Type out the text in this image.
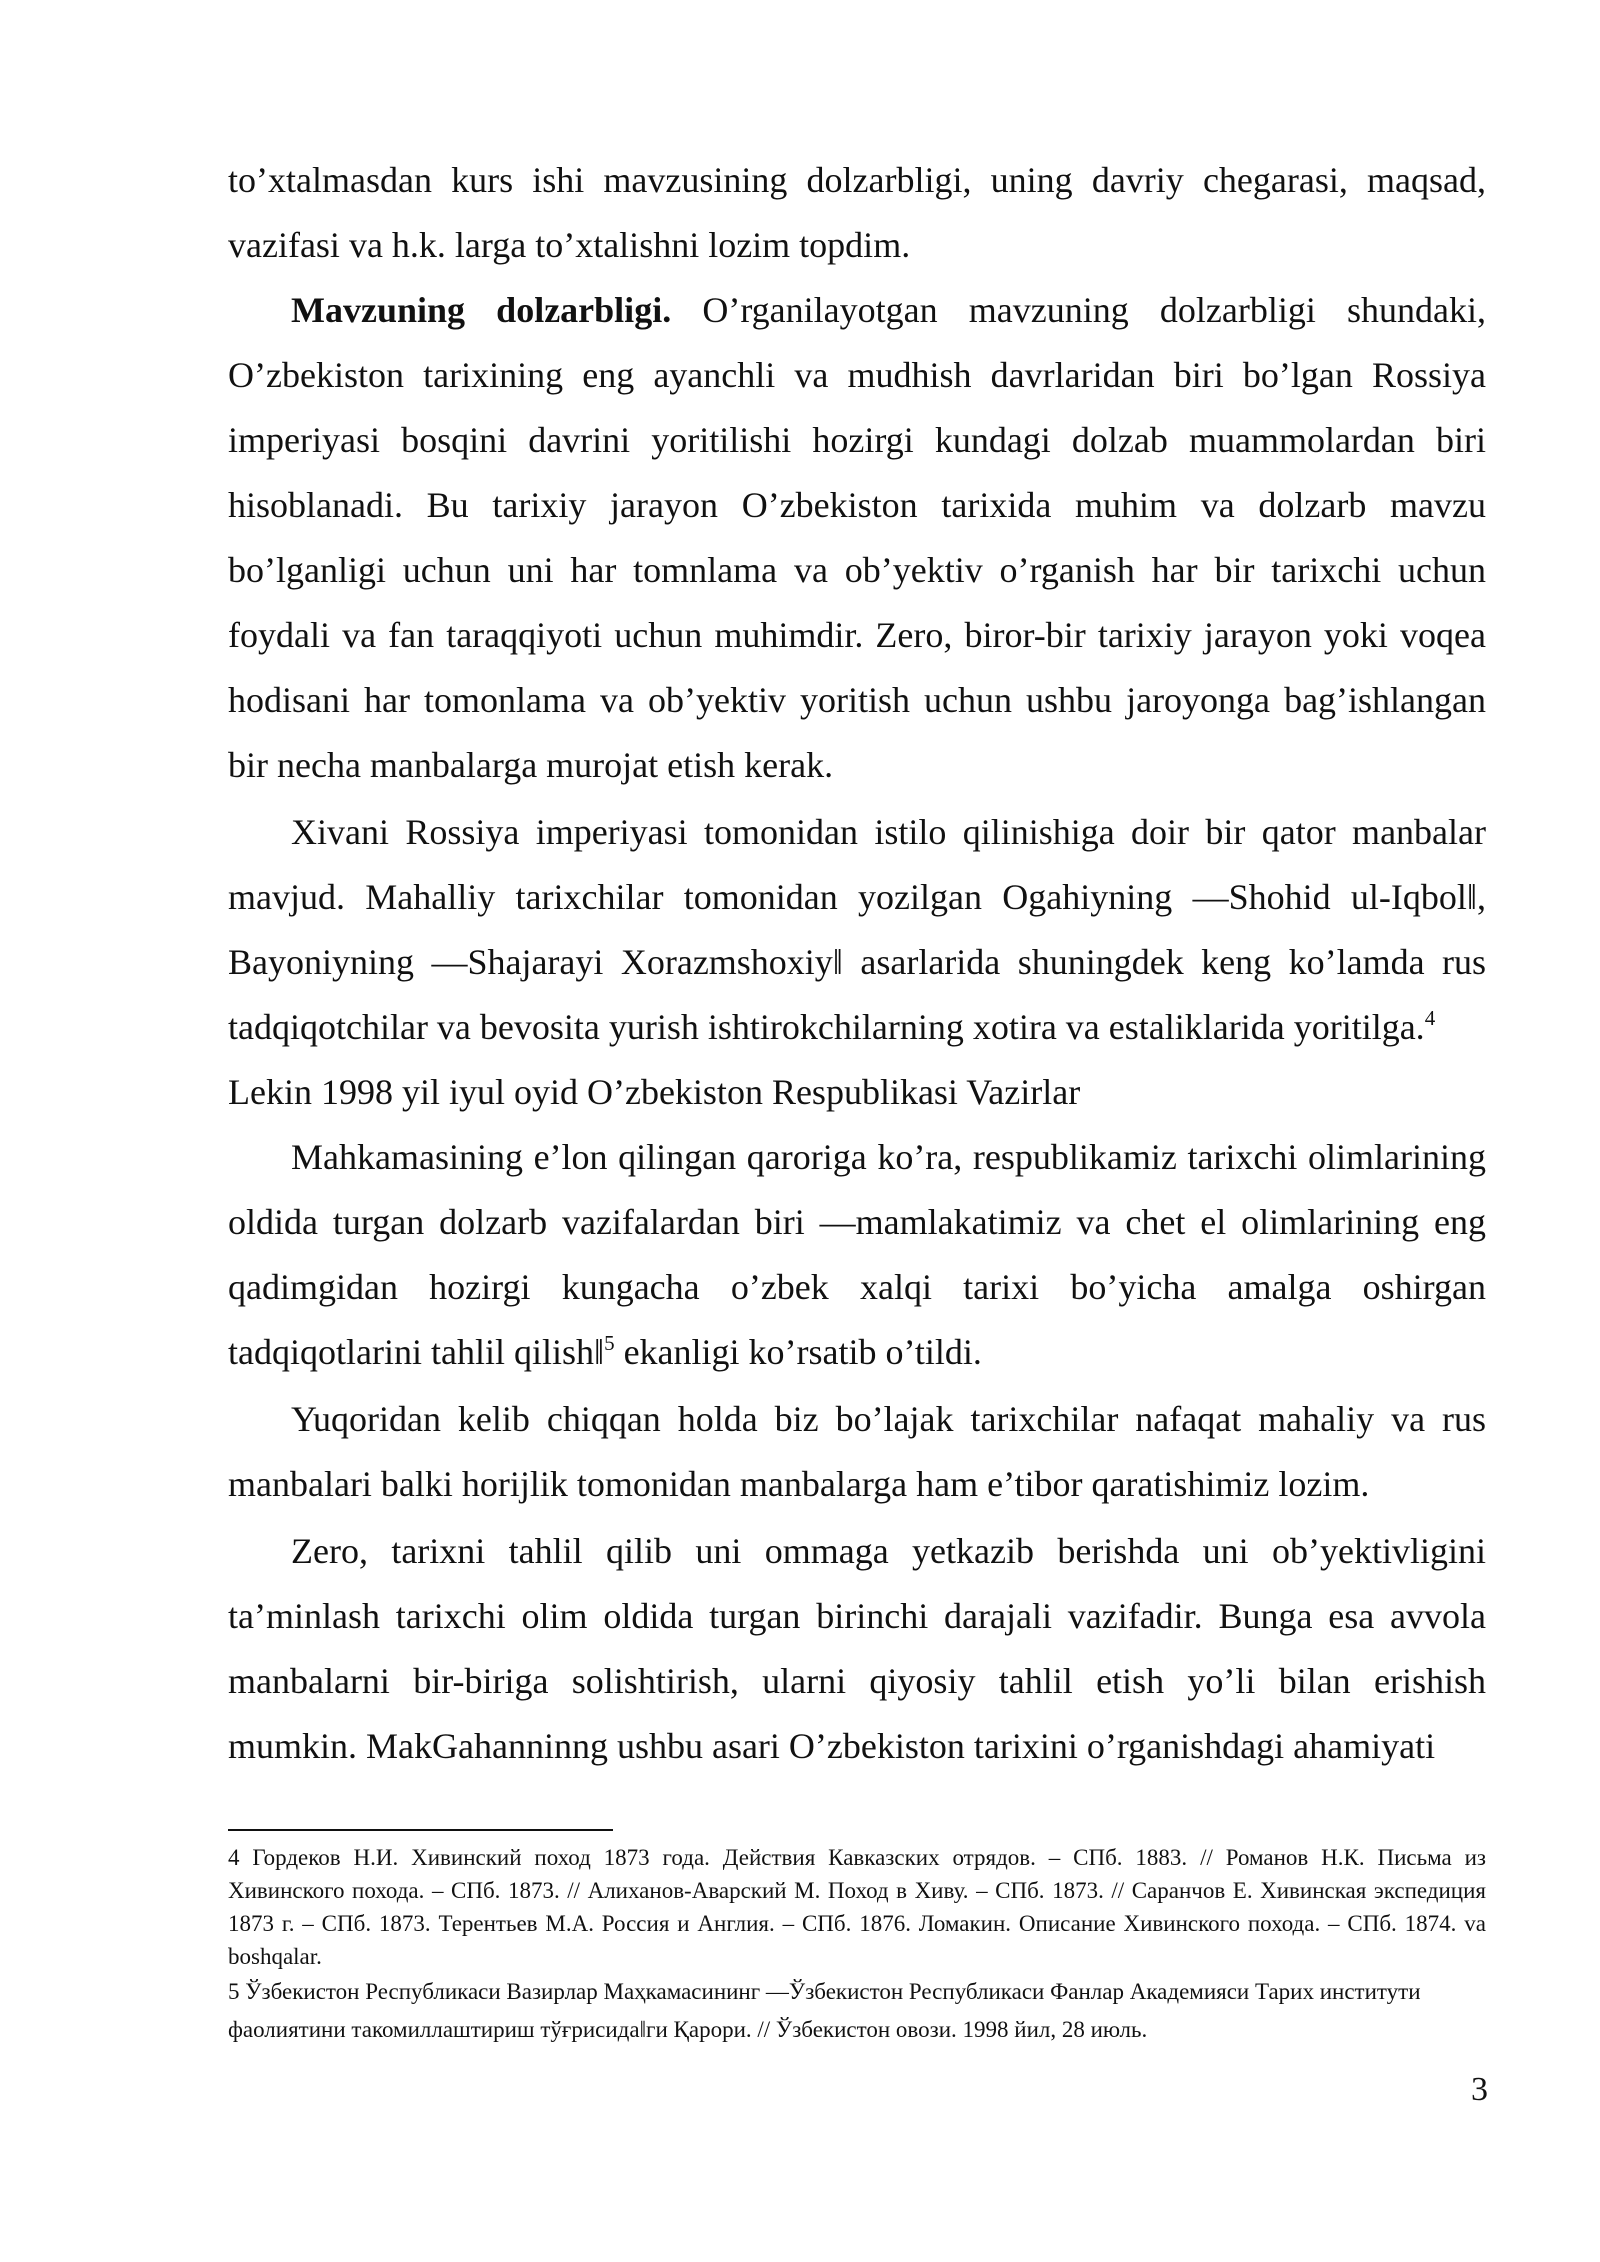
to’xtalmasdan kurs ishi mavzusining dolzarbligi, uning davriy chegarasi, maqsad, vazifasi va h.k. larga to’xtalishni lozim topdim.

Mavzuning dolzarbligi. O’rganilayotgan mavzuning dolzarbligi shundaki, O’zbekiston tarixining eng ayanchli va mudhish davrlaridan biri bo’lgan Rossiya imperiyasi bosqini davrini yoritilishi hozirgi kundagi dolzab muammolardan biri hisoblanadi. Bu tarixiy jarayon O’zbekiston tarixida muhim va dolzarb mavzu bo’lganligi uchun uni har tomnlama va ob’yektiv o’rganish har bir tarixchi uchun foydali va fan taraqqiyoti uchun muhimdir. Zero, biror-bir tarixiy jarayon yoki voqea hodisani har tomonlama va ob’yektiv yoritish uchun ushbu jaroyonga bag’ishlangan bir necha manbalarga murojat etish kerak.

Xivani Rossiya imperiyasi tomonidan istilo qilinishiga doir bir qator manbalar mavjud. Mahalliy tarixchilar tomonidan yozilgan Ogahiyning ―Shohid ul-Iqbol‖, Bayoniyning ―Shajarayi Xorazmshoxiy‖ asarlarida shuningdek keng ko’lamda rus tadqiqotchilar va bevosita yurish ishtirokchilarning xotira va estaliklarida yoritilga.$^4$

Lekin 1998 yil iyul oyid O’zbekiston Respublikasi Vazirlar

Mahkamasining e’lon qilingan qaroriga ko’ra, respublikamiz tarixchi olimlarining oldida turgan dolzarb vazifalardan biri ―mamlakatimiz va chet el olimlarining eng qadimgidan hozirgi kungacha o’zbek xalqi tarixi bo’yicha amalga oshirgan tadqiqotlarini tahlil qilish‖$^5$ ekanligi ko’rsatib o’tildi.

Yuqoridan kelib chiqqan holda biz bo’lajak tarixchilar nafaqat mahaliy va rus manbalari balki horijlik tomonidan manbalarga ham e’tibor qaratishimiz lozim.

Zero, tarixni tahlil qilib uni ommaga yetkazib berishda uni ob’yektivligini ta’minlash tarixchi olim oldida turgan birinchi darajali vazifadir. Bunga esa avvola manbalarni bir-biriga solishtirish, ularni qiyosiy tahlil etish yo’li bilan erishish mumkin. MakGahanninng ushbu asari O’zbekiston tarixini o’rganishdagi ahamiyati

4 Гордеков Н.И. Хивинский поход 1873 года. Действия Кавказских отрядов. – СПб. 1883. // Романов Н.К. Письма из Хивинского похода. – СПб. 1873. // Алиханов-Аварский М. Поход в Хиву. – СПб. 1873. // Саранчов Е. Хивинская экспедиция 1873 г. – СПб. 1873. Терентьев М.А. Россия и Англия. – СПб. 1876. Ломакин. Описание Хивинского похода. – СПб. 1874. va boshqalar.

5 Ўзбекистон Республикаси Вазирлар Маҳкамасининг ―Ўзбекистон Республикаси Фанлар Академияси Тарих институти фаолиятини такомиллаштириш тўғрисида‖ги Қарори. // Ўзбекистон овози. 1998 йил, 28 июль.

3
